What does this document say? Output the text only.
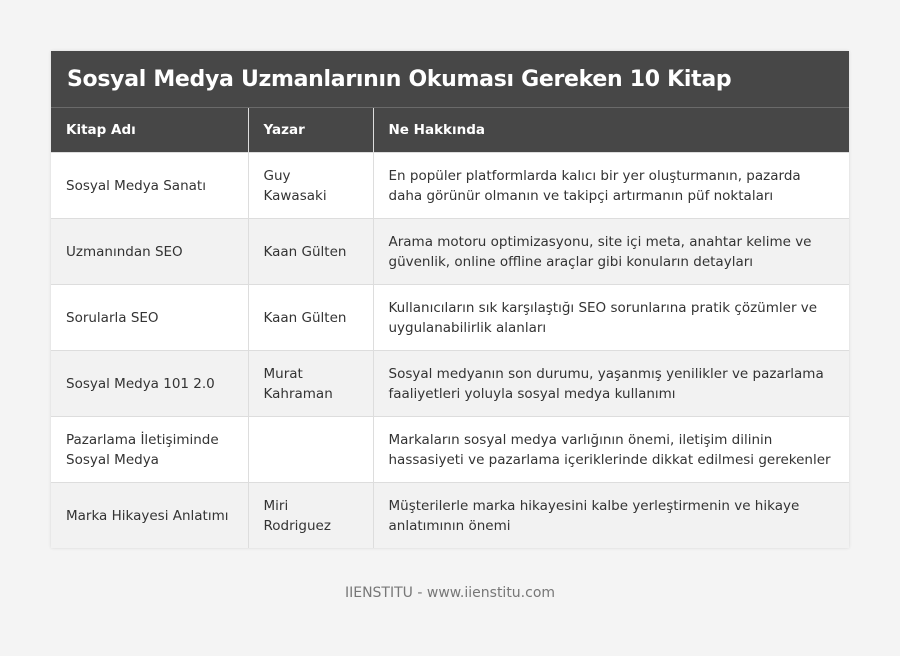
Sosyal Medya Uzmanlarının Okuması Gereken 10 Kitap
Kitap Adı	Yazar	Ne Hakkında
Sosyal Medya Sanatı	Guy Kawasaki	En popüler platformlarda kalıcı bir yer oluşturmanın, pazarda daha görünür olmanın ve takipçi artırmanın püf noktaları
Uzmanından SEO	Kaan Gülten	Arama motoru optimizasyonu, site içi meta, anahtar kelime ve güvenlik, online offline araçlar gibi konuların detayları
Sorularla SEO	Kaan Gülten	Kullanıcıların sık karşılaştığı SEO sorunlarına pratik çözümler ve uygulanabilirlik alanları
Sosyal Medya 101 2.0	Murat Kahraman	Sosyal medyanın son durumu, yaşanmış yenilikler ve pazarlama faaliyetleri yoluyla sosyal medya kullanımı
Pazarlama İletişiminde Sosyal Medya		Markaların sosyal medya varlığının önemi, iletişim dilinin hassasiyeti ve pazarlama içeriklerinde dikkat edilmesi gerekenler
Marka Hikayesi Anlatımı	Miri Rodriguez	Müşterilerle marka hikayesini kalbe yerleştirmenin ve hikaye anlatımının önemi
IIENSTITU - www.iienstitu.com
